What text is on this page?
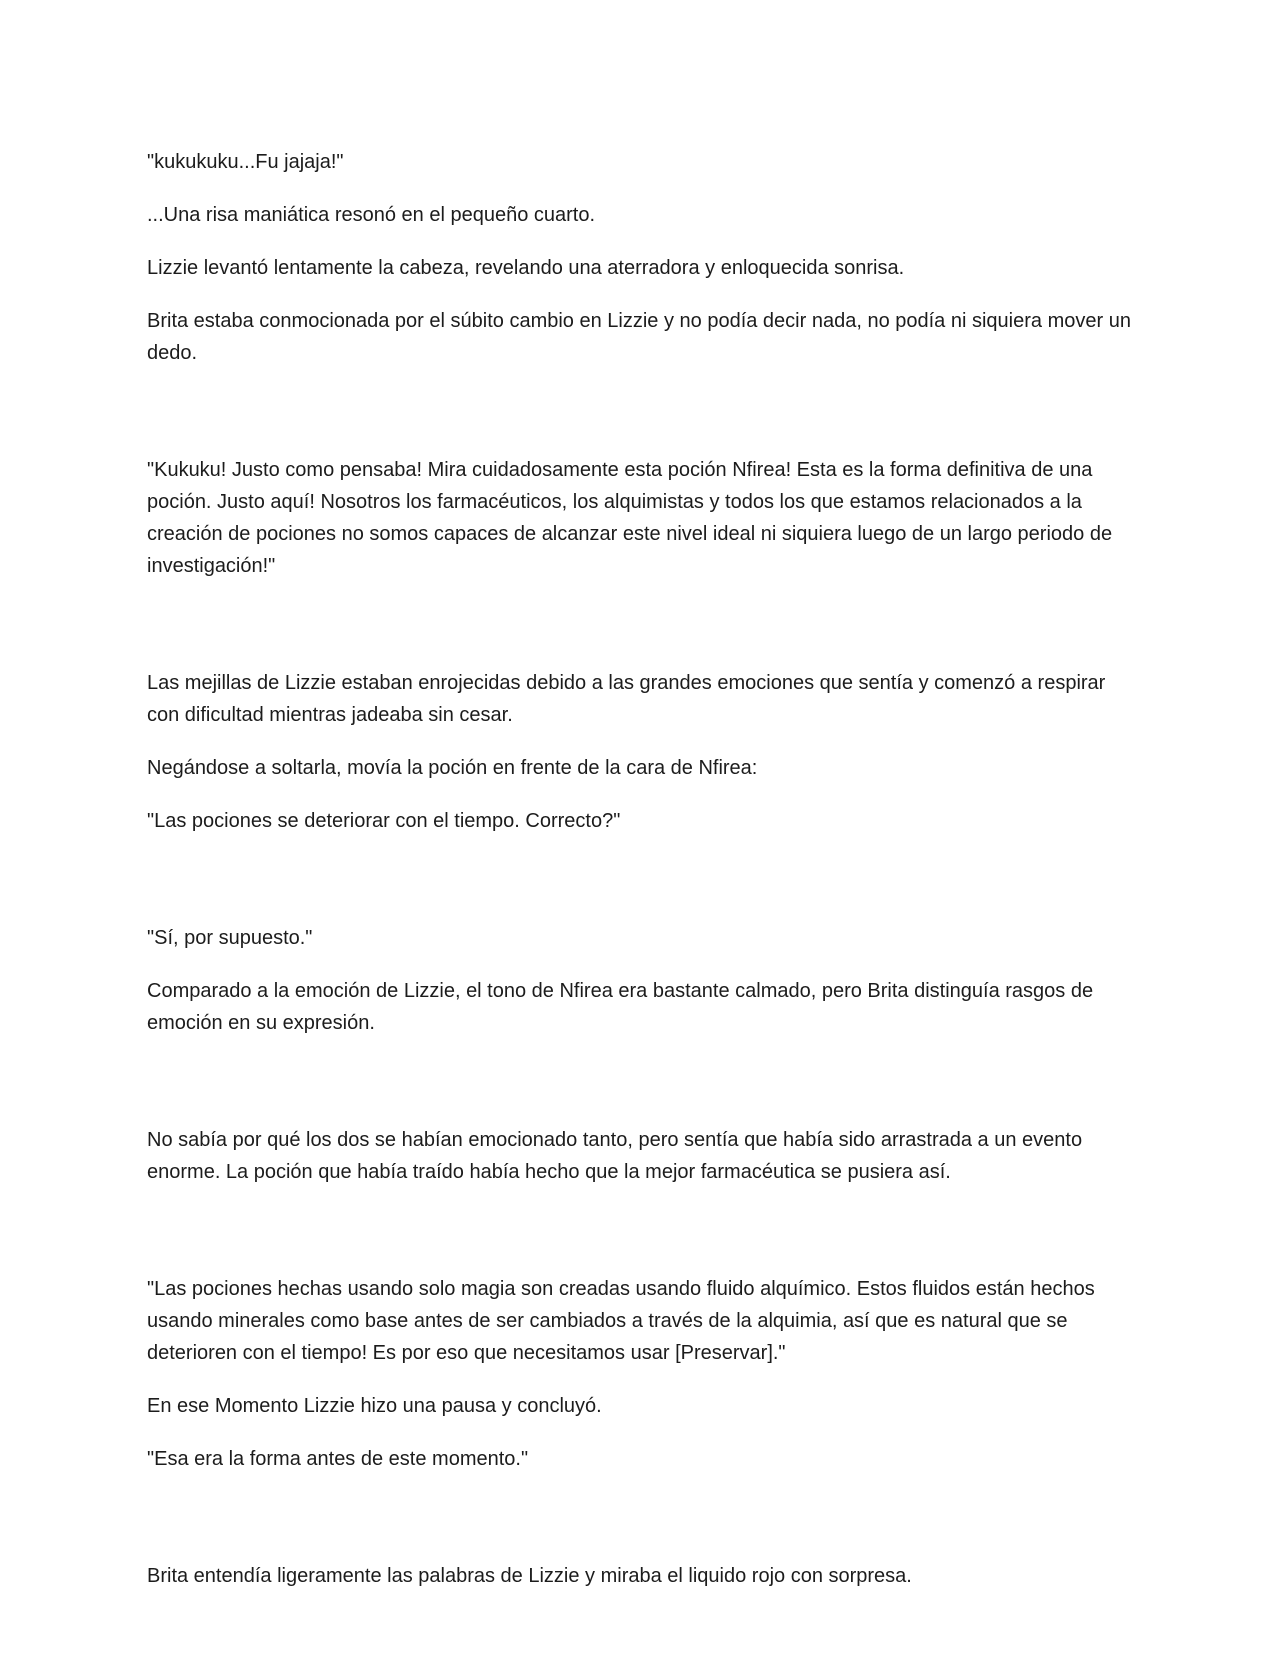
"kukukuku...Fu jajaja!"

...Una risa maniática resonó en el pequeño cuarto.

Lizzie levantó lentamente la cabeza, revelando una aterradora y enloquecida sonrisa.

Brita estaba conmocionada por el súbito cambio en Lizzie y no podía decir nada, no podía ni siquiera mover un dedo.

"Kukuku! Justo como pensaba! Mira cuidadosamente esta poción Nfirea! Esta es la forma definitiva de una poción. Justo aquí! Nosotros los farmacéuticos, los alquimistas y todos los que estamos relacionados a la creación de pociones no somos capaces de alcanzar este nivel ideal ni siquiera luego de un largo periodo de investigación!"

Las mejillas de Lizzie estaban enrojecidas debido a las grandes emociones que sentía y comenzó a respirar con dificultad mientras jadeaba sin cesar.

Negándose a soltarla, movía la poción en frente de la cara de Nfirea:

"Las pociones se deteriorar con el tiempo. Correcto?"

"Sí, por supuesto."

Comparado a la emoción de Lizzie, el tono de Nfirea era bastante calmado, pero Brita distinguía rasgos de emoción en su expresión.

No sabía por qué los dos se habían emocionado tanto, pero sentía que había sido arrastrada a un evento enorme. La poción que había traído había hecho que la mejor farmacéutica se pusiera así.

"Las pociones hechas usando solo magia son creadas usando fluido alquímico. Estos fluidos están hechos usando minerales como base antes de ser cambiados a través de la alquimia, así que es natural que se deterioren con el tiempo! Es por eso que necesitamos usar [Preservar]."

En ese Momento Lizzie hizo una pausa y concluyó.

"Esa era la forma antes de este momento."

Brita entendía ligeramente las palabras de Lizzie y miraba el liquido rojo con sorpresa.
